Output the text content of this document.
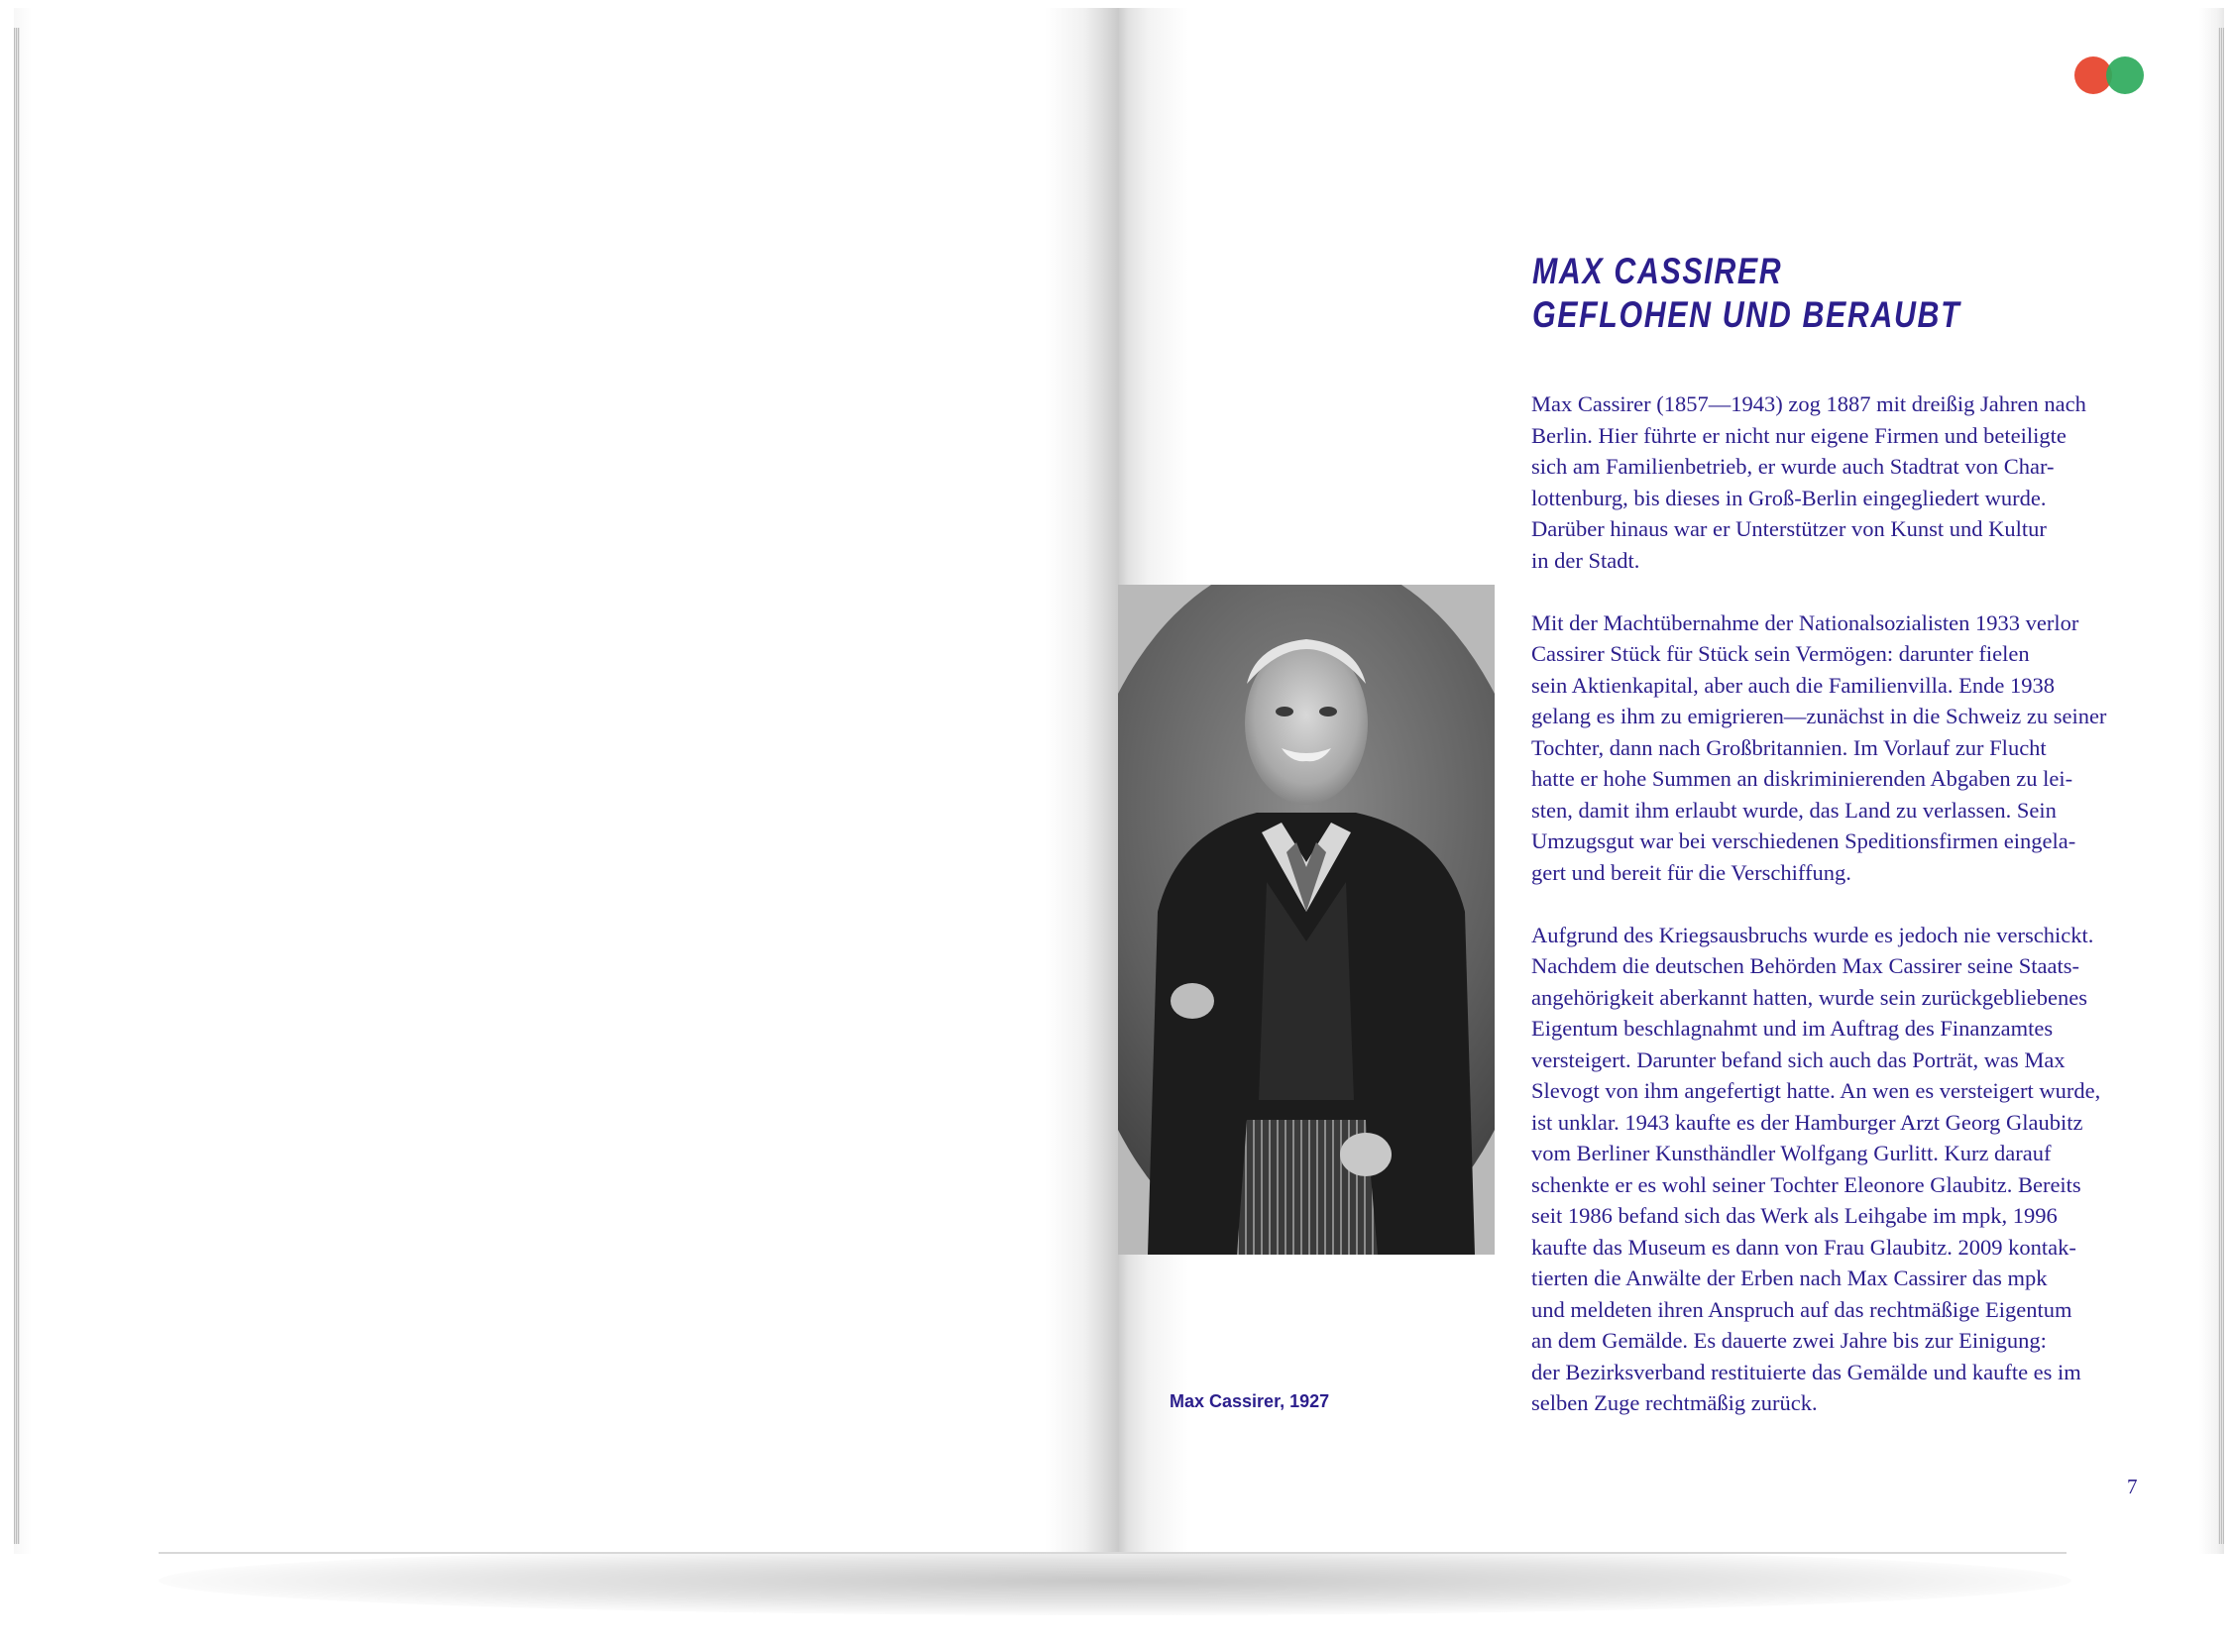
MAX CASSIRER
GEFLOHEN UND BERAUBT

Max Cassirer (1857—1943) zog 1887 mit dreißig Jahren nach
Berlin. Hier führte er nicht nur eigene Firmen und beteiligte
sich am Familienbetrieb, er wurde auch Stadtrat von Char-
lottenburg, bis dieses in Groß-Berlin eingegliedert wurde.
Darüber hinaus war er Unterstützer von Kunst und Kultur
in der Stadt.

Mit der Machtübernahme der Nationalsozialisten 1933 verlor
Cassirer Stück für Stück sein Vermögen: darunter fielen
sein Aktienkapital, aber auch die Familienvilla. Ende 1938
gelang es ihm zu emigrieren—zunächst in die Schweiz zu seiner
Tochter, dann nach Großbritannien. Im Vorlauf zur Flucht
hatte er hohe Summen an diskriminierenden Abgaben zu lei-
sten, damit ihm erlaubt wurde, das Land zu verlassen. Sein
Umzugsgut war bei verschiedenen Speditionsfirmen eingela-
gert und bereit für die Verschiffung.

Aufgrund des Kriegsausbruchs wurde es jedoch nie verschickt.
Nachdem die deutschen Behörden Max Cassirer seine Staats-
angehörigkeit aberkannt hatten, wurde sein zurückgebliebenes
Eigentum beschlagnahmt und im Auftrag des Finanzamtes
versteigert. Darunter befand sich auch das Porträt, was Max
Slevogt von ihm angefertigt hatte. An wen es versteigert wurde,
ist unklar. 1943 kaufte es der Hamburger Arzt Georg Glaubitz
vom Berliner Kunsthändler Wolfgang Gurlitt. Kurz darauf
schenkte er es wohl seiner Tochter Eleonore Glaubitz. Bereits
seit 1986 befand sich das Werk als Leihgabe im mpk, 1996
kaufte das Museum es dann von Frau Glaubitz. 2009 kontak-
tierten die Anwälte der Erben nach Max Cassirer das mpk
und meldeten ihren Anspruch auf das rechtmäßige Eigentum
an dem Gemälde. Es dauerte zwei Jahre bis zur Einigung:
der Bezirksverband restituierte das Gemälde und kaufte es im
selben Zuge rechtmäßig zurück.

Max Cassirer, 1927
7
